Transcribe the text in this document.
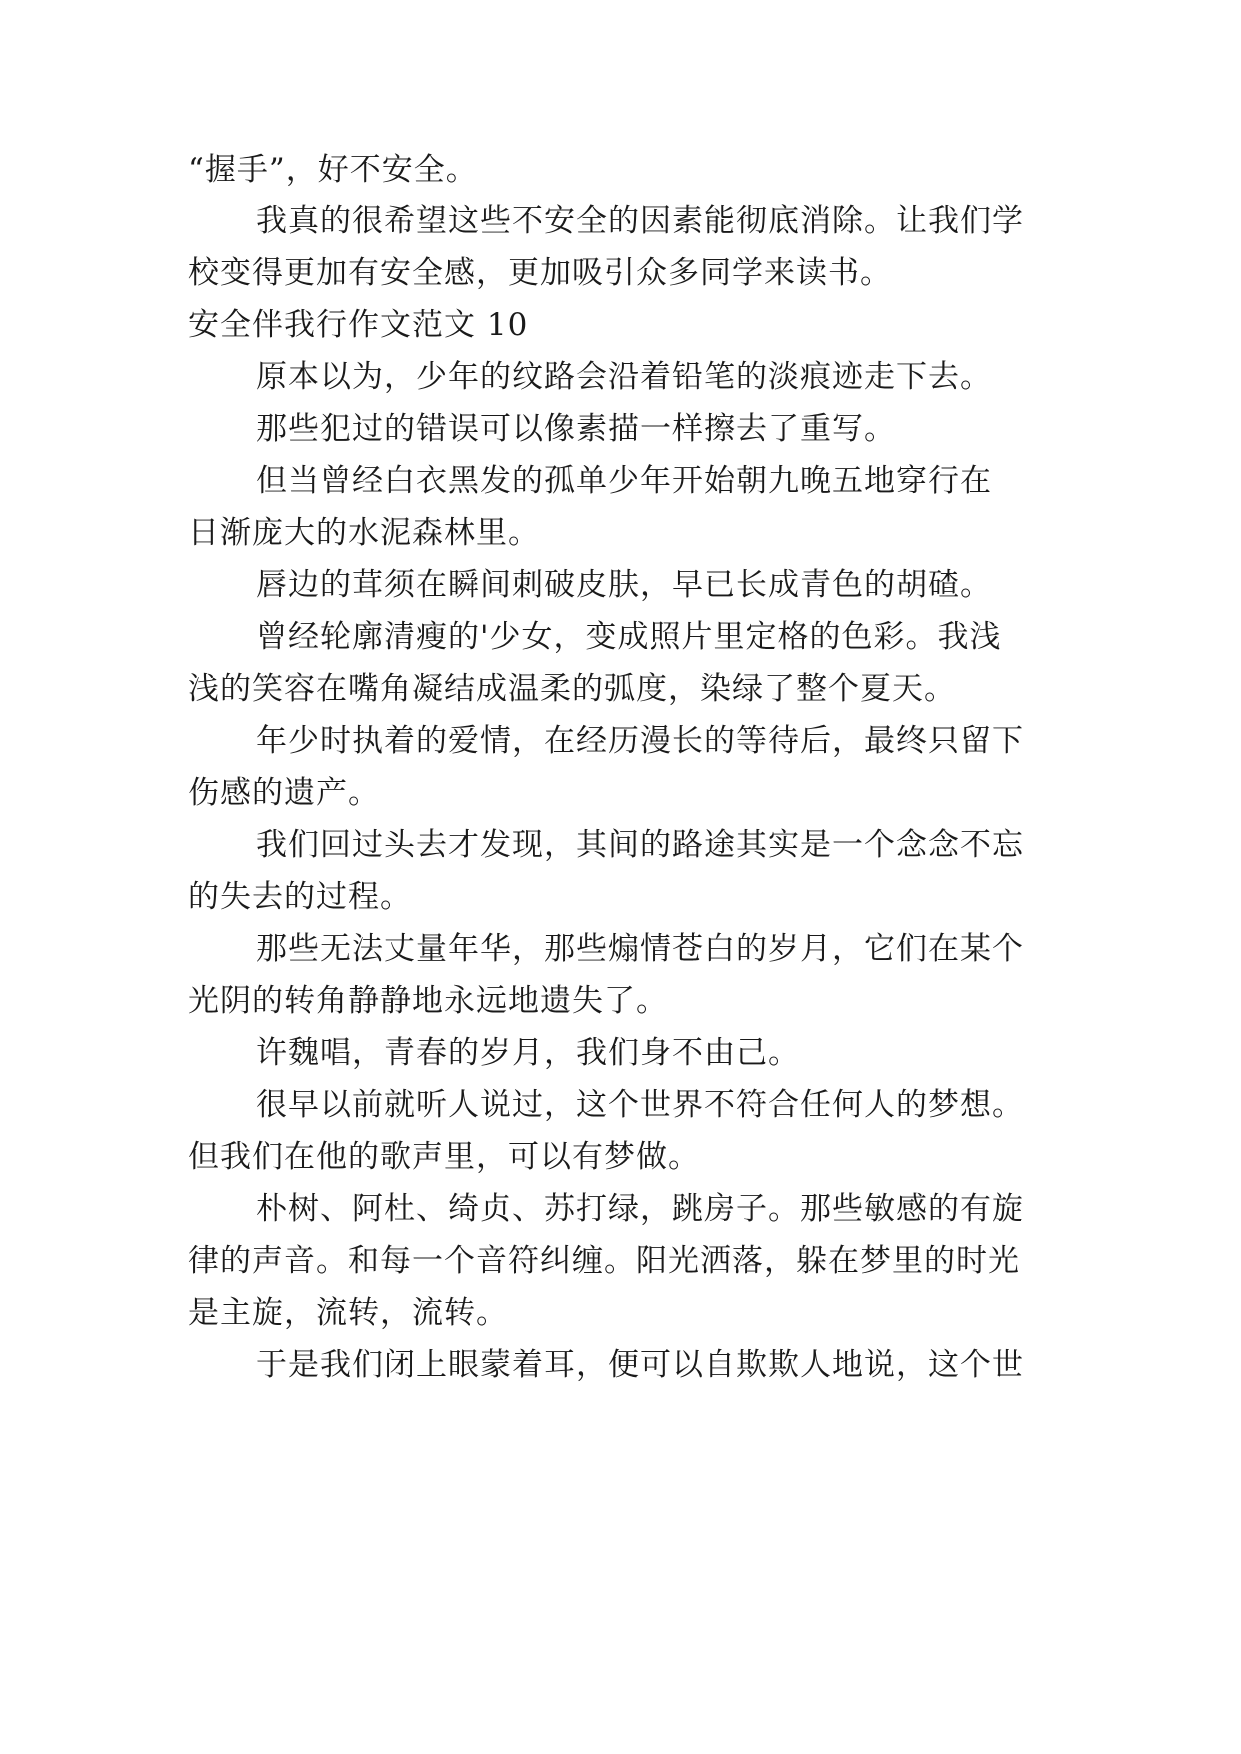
“握手”，好不安全。
我真的很希望这些不安全的因素能彻底消除。让我们学
校变得更加有安全感，更加吸引众多同学来读书。
安全伴我行作文范文 10
原本以为，少年的纹路会沿着铅笔的淡痕迹走下去。
那些犯过的错误可以像素描一样擦去了重写。
但当曾经白衣黑发的孤单少年开始朝九晚五地穿行在
日渐庞大的水泥森林里。
唇边的茸须在瞬间刺破皮肤，早已长成青色的胡碴。
曾经轮廓清瘦的'少女，变成照片里定格的色彩。我浅
浅的笑容在嘴角凝结成温柔的弧度，染绿了整个夏天。
年少时执着的爱情，在经历漫长的等待后，最终只留下
伤感的遗产。
我们回过头去才发现，其间的路途其实是一个念念不忘
的失去的过程。
那些无法丈量年华，那些煽情苍白的岁月，它们在某个
光阴的转角静静地永远地遗失了。
许魏唱，青春的岁月，我们身不由己。
很早以前就听人说过，这个世界不符合任何人的梦想。
但我们在他的歌声里，可以有梦做。
朴树、阿杜、绮贞、苏打绿，跳房子。那些敏感的有旋
律的声音。和每一个音符纠缠。阳光洒落，躲在梦里的时光
是主旋，流转，流转。
于是我们闭上眼蒙着耳，便可以自欺欺人地说，这个世
